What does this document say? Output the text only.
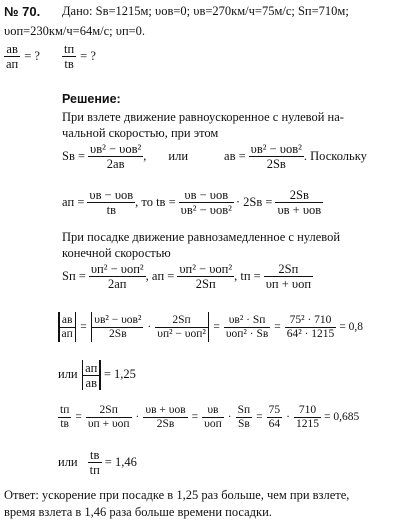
№ 70. Дано: Sв=1215м; υов=0; υв=270км/ч=75м/с; Sп=710м;
υоп=230км/ч=64м/с; υп=0.
$\frac{aв}{aп}$ = ? $\frac{tп}{tв}$ = ?
Решение:
При взлете движение равноускоренное с нулевой на-
чальной скоростью, при этом
Sв = $\frac{\text{υв² − υов²}}{2aв}$ , или	aв = $\frac{\text{υв² − υов²}}{2Sв}$ . Поскольку
aп = $\frac{\text{υв − υов}}{tв}$ , то tв = $\frac{\text{υв − υов}}{\text{υв² − υов²}} \cdot 2Sв = \frac{2Sв}{\text{υв + υов}}$
При посадке движение равнозамедленное с нулевой
конечной скоростью
Sп = $\frac{\text{υп² − υоп²}}{2aп}$ , aп = $\frac{\text{υп² − υоп²}}{2Sп}$ , tп = $\frac{2Sп}{\text{υп + υоп}}$
$\frac{aв}{aп} = \frac{\text{υв² − υов²}}{2Sв} \cdot \frac{2Sп}{\text{υп² − υоп²}} = \frac{\text{υв² · Sп}}{\text{υоп² · Sв}} = \frac{\text{75² · 710}}{\text{64² · 1215}} = 0,8$
или $\frac{aп}{aв} = 1,25$
$\frac{tп}{tв} = \frac{2Sп}{\text{υп + υоп}} \cdot \frac{\text{υв + υов}}{2Sв} = \frac{\upsilon в}{\text{υоп}} \cdot \frac{Sп}{Sв} = \frac{75}{64} \cdot \frac{710}{1215} = 0,685$
или $\frac{tв}{tп} = 1,46$
Ответ: ускорение при посадке в 1,25 раз больше, чем при взлете,
время взлета в 1,46 раза больше времени посадки.
